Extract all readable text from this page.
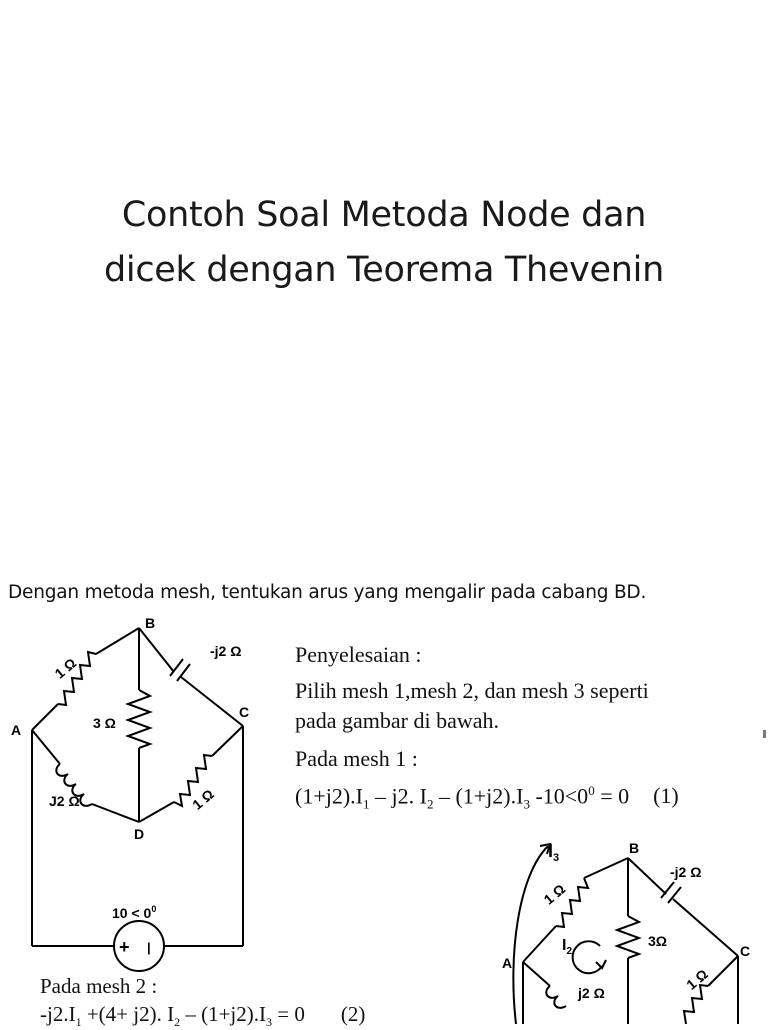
Contoh Soal Metoda Node dan
dicek dengan Teorema Thevenin
Dengan metoda mesh, tentukan arus yang mengalir pada cabang BD.
A
B
C
D
1 Ω
-j2 Ω
3 Ω
1 Ω
J2 Ω
$10 < 0^0$
+ |
Penyelesaian :
Pilih mesh 1,mesh 2, dan mesh 3 seperti
pada gambar di bawah.
Pada mesh 1 :
$(1+j2).I_1 - j2$. $I_2 - (1+j2).I_3$ $-10<0^0 = 0$ (1)
A
B
C
1 Ω
-j2 Ω
3Ω
1 Ω
j2 Ω
$I_3$
$I_2$
Pada mesh 2 :
$-j2.I_1 +(4+ j2)$. $I_2 - (1+j2).I_3 = 0$ (2)
